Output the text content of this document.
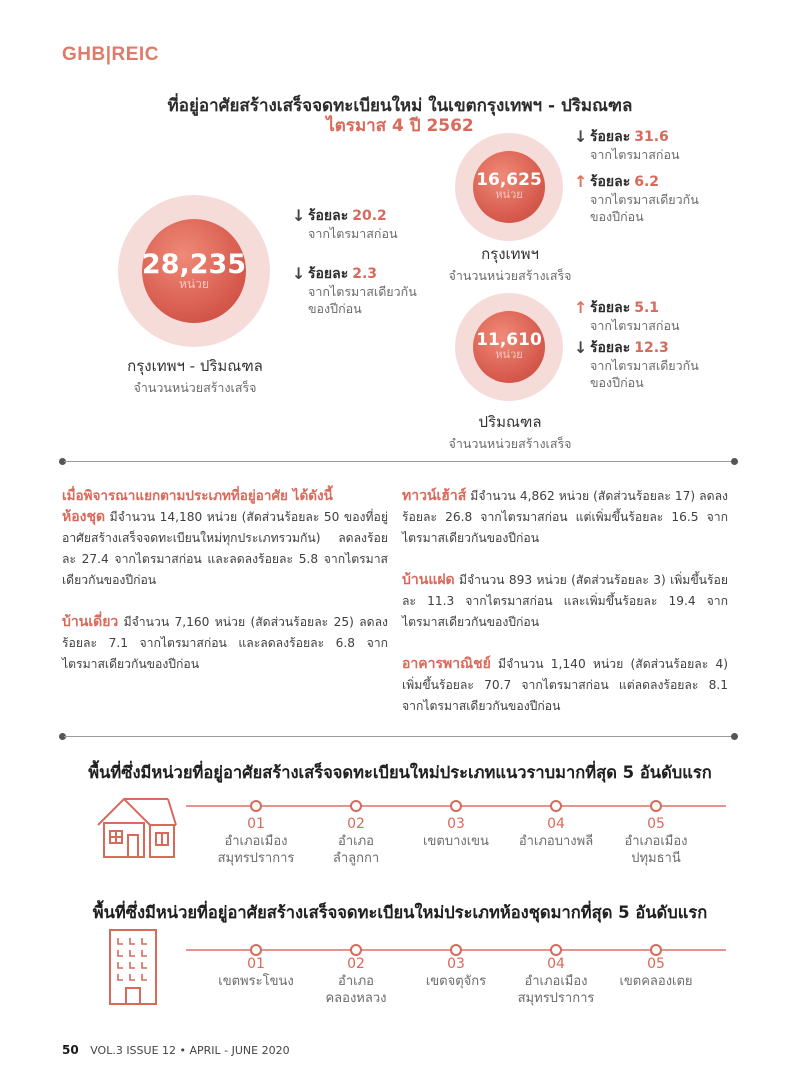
GHB|REIC
ที่อยู่อาศัยสร้างเสร็จจดทะเบียนใหม่ ในเขตกรุงเทพฯ - ปริมณฑล
ไตรมาส 4 ปี 2562
28,235
หน่วย
กรุงเทพฯ - ปริมณฑล
จำนวนหน่วยสร้างเสร็จ
↓ ร้อยละ 20.2
จากไตรมาสก่อน
↓ ร้อยละ 2.3
จากไตรมาสเดียวกัน
ของปีก่อน
16,625
หน่วย
กรุงเทพฯ
จำนวนหน่วยสร้างเสร็จ
↓ ร้อยละ 31.6
จากไตรมาสก่อน
↑ ร้อยละ 6.2
จากไตรมาสเดียวกัน
ของปีก่อน
11,610
หน่วย
ปริมณฑล
จำนวนหน่วยสร้างเสร็จ
↑ ร้อยละ 5.1
จากไตรมาสก่อน
↓ ร้อยละ 12.3
จากไตรมาสเดียวกัน
ของปีก่อน
เมื่อพิจารณาแยกตามประเภทที่อยู่อาศัย ได้ดังนี้
ห้องชุด มีจำนวน 14,180 หน่วย (สัดส่วนร้อยละ 50 ของที่อยู่อาศัยสร้างเสร็จจดทะเบียนใหม่ทุกประเภทรวมกัน) ลดลงร้อยละ 27.4 จากไตรมาสก่อน และลดลงร้อยละ 5.8 จากไตรมาสเดียวกันของปีก่อน
บ้านเดี่ยว มีจำนวน 7,160 หน่วย (สัดส่วนร้อยละ 25) ลดลงร้อยละ 7.1 จากไตรมาสก่อน และลดลงร้อยละ 6.8 จากไตรมาสเดียวกันของปีก่อน
ทาวน์เฮ้าส์ มีจำนวน 4,862 หน่วย (สัดส่วนร้อยละ 17) ลดลงร้อยละ 26.8 จากไตรมาสก่อน แต่เพิ่มขึ้นร้อยละ 16.5 จากไตรมาสเดียวกันของปีก่อน
บ้านแฝด มีจำนวน 893 หน่วย (สัดส่วนร้อยละ 3) เพิ่มขึ้นร้อยละ 11.3 จากไตรมาสก่อน และเพิ่มขึ้นร้อยละ 19.4 จากไตรมาสเดียวกันของปีก่อน
อาคารพาณิชย์ มีจำนวน 1,140 หน่วย (สัดส่วนร้อยละ 4) เพิ่มขึ้นร้อยละ 70.7 จากไตรมาสก่อน แต่ลดลงร้อยละ 8.1 จากไตรมาสเดียวกันของปีก่อน
พื้นที่ซึ่งมีหน่วยที่อยู่อาศัยสร้างเสร็จจดทะเบียนใหม่ประเภทแนวราบมากที่สุด 5 อันดับแรก
01
อำเภอเมือง
สมุทรปราการ
02
อำเภอ
ลำลูกกา
03
เขตบางเขน
04
อำเภอบางพลี
05
อำเภอเมือง
ปทุมธานี
พื้นที่ซึ่งมีหน่วยที่อยู่อาศัยสร้างเสร็จจดทะเบียนใหม่ประเภทห้องชุดมากที่สุด 5 อันดับแรก
01
เขตพระโขนง
02
อำเภอ
คลองหลวง
03
เขตจตุจักร
04
อำเภอเมือง
สมุทรปราการ
05
เขตคลองเตย
50 VOL.3 ISSUE 12 • APRIL - JUNE 2020
